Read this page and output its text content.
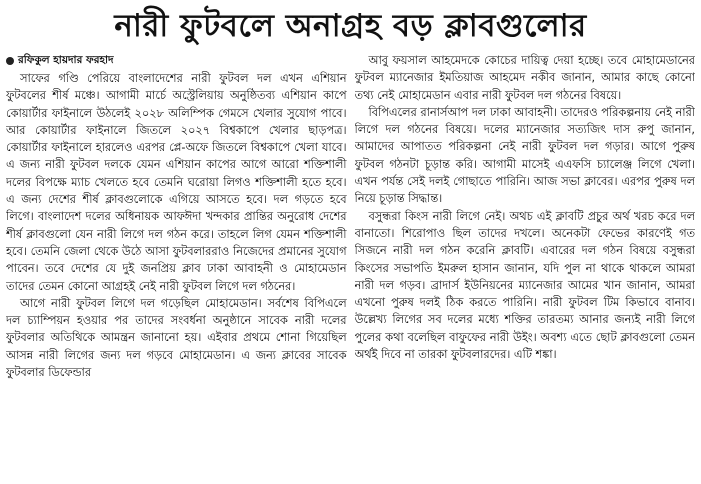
নারী ফুটবলে অনাগ্রহ বড় ক্লাবগুলোর
রফিকুল হায়দার ফরহাদ

সাফের গণ্ডি পেরিয়ে বাংলাদেশের নারী ফুটবল দল এখন এশিয়ান ফুটবলের শীর্ষ মঞ্চে। আগামী মার্চে অস্ট্রেলিয়ায় অনুষ্ঠিতব্য এশিয়ান কাপে কোয়ার্টার ফাইনালে উঠলেই ২০২৮ অলিম্পিক গেমসে খেলার সুযোগ পাবে। আর কোয়ার্টার ফাইনালে জিতলে ২০২৭ বিশ্বকাপে খেলার ছাড়পত্র। কোয়ার্টার ফাইনালে হারলেও এরপর প্লে-অফে জিতলে বিশ্বকাপে খেলা যাবে। এ জন্য নারী ফুটবল দলকে যেমন এশিয়ান কাপের আগে আরো শক্তিশালী দলের বিপক্ষে ম্যাচ খেলতে হবে তেমনি ঘরোয়া লিগও শক্তিশালী হতে হবে। এ জন্য দেশের শীর্ষ ক্লাবগুলোকে এগিয়ে আসতে হবে। দল গড়তে হবে লিগে। বাংলাদেশ দলের অধিনায়ক আফঈদা খন্দকার প্রান্তির অনুরোধ দেশের শীর্ষ ক্লাবগুলো যেন নারী লিগে দল গঠন করে। তাহলে লিগ যেমন শক্তিশালী হবে। তেমনি জেলা থেকে উঠে আসা ফুটবলাররাও নিজেদের প্রমানের সুযোগ পাবেন। তবে দেশের যে দুই জনপ্রিয় ক্লাব ঢাকা আবাহনী ও মোহামেডান তাদের তেমন কোনো আগ্রহই নেই নারী ফুটবল লিগে দল গঠনের।

আগে নারী ফুটবল লিগে দল গড়েছিল মোহামেডান। সর্বশেষ বিপিএলে দল চ্যাম্পিয়ন হওয়ার পর তাদের সংবর্ধনা অনুষ্ঠানে সাবেক নারী দলের ফুটবলার অতিথিকে আমন্ত্রন জানানো হয়। এইবার প্রথমে শোনা গিয়েছিল আসন্ন নারী লিগের জন্য দল গড়বে মোহামেডান। এ জন্য ক্লাবের সাবেক ফুটবলার ডিফেন্ডার

আবু ফয়সাল আহমেদকে কোচের দায়িত্ব দেয়া হচ্ছে। তবে মোহামেডানের ফুটবল ম্যানেজার ইমতিয়াজ আহমেদ নকীব জানান, আমার কাছে কোনো তথ্য নেই মোহামেডান এবার নারী ফুটবল দল গঠনের বিষয়ে।

বিপিএলের রানার্সআপ দল ঢাকা আবাহনী। তাদেরও পরিকল্পনায় নেই নারী লিগে দল গঠনের বিষয়ে। দলের ম্যানেজার সত্যজিৎ দাস রুপু জানান, আমাদের আপাতত পরিকল্পনা নেই নারী ফুটবল দল গড়ার। আগে পুরুষ ফুটবল গঠনটা চূড়ান্ত করি। আগামী মাসেই এএফসি চ্যালেঞ্জ লিগে খেলা। এখন পর্যন্ত সেই দলই গোছাতে পারিনি। আজ সভা ক্লাবের। এরপর পুরুষ দল নিয়ে চূড়ান্ত সিদ্ধান্ত।

বসুন্ধরা কিংস নারী লিগে নেই। অথচ এই ক্লাবটি প্রচুর অর্থ খরচ করে দল বানাতো। শিরোপাও ছিল তাদের দখলে। অনেকটা ফেভের কারণেই গত সিজনে নারী দল গঠন করেনি ক্লাবটি। এবারের দল গঠন বিষয়ে বসুন্ধরা কিংসের সভাপতি ইমরুল হাসান জানান, যদি পুল না থাকে থাকলে আমরা নারী দল গড়ব। ব্রাদার্স ইউনিয়নের ম্যানেজার আমের খান জানান, আমরা এখনো পুরুষ দলই ঠিক করতে পারিনি। নারী ফুটবল টিম কিভাবে বানাব। উল্লেখ্য লিগের সব দলের মধ্যে শক্তির তারতম্য আনার জন্যই নারী লিগে পুলের কথা বলেছিল বাফুফের নারী উইং। অবশ্য এতে ছোট ক্লাবগুলো তেমন অর্থই দিবে না তারকা ফুটবলারদের। এটি শঙ্কা।
